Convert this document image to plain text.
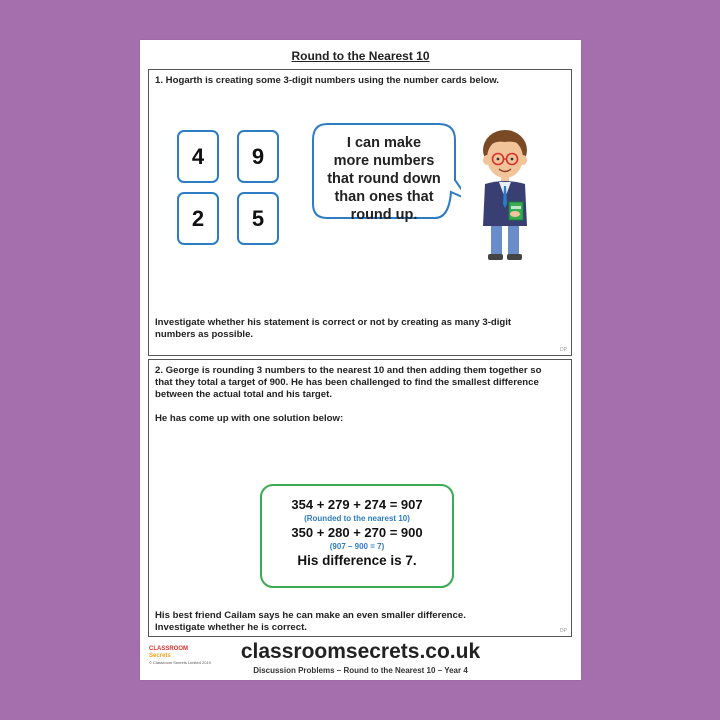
Round to the Nearest 10
1. Hogarth is creating some 3-digit numbers using the number cards below.
4	9
2	5
I can make
more numbers
that round down
than ones that
round up.
Investigate whether his statement is correct or not by creating as many 3-digit
numbers as possible.
DP
2. George is rounding 3 numbers to the nearest 10 and then adding them together so
that they total a target of 900. He has been challenged to find the smallest difference
between the actual total and his target.
He has come up with one solution below:
354 + 279 + 274 = 907
(Rounded to the nearest 10)
350 + 280 + 270 = 900
(907 – 900 = 7)
His difference is 7.
His best friend Cailam says he can make an even smaller difference.
Investigate whether he is correct.	DP
CLASSROOM Secrets
© Classroom Secrets Limited 2019	classroomsecrets.co.uk
Discussion Problems – Round to the Nearest 10 – Year 4
